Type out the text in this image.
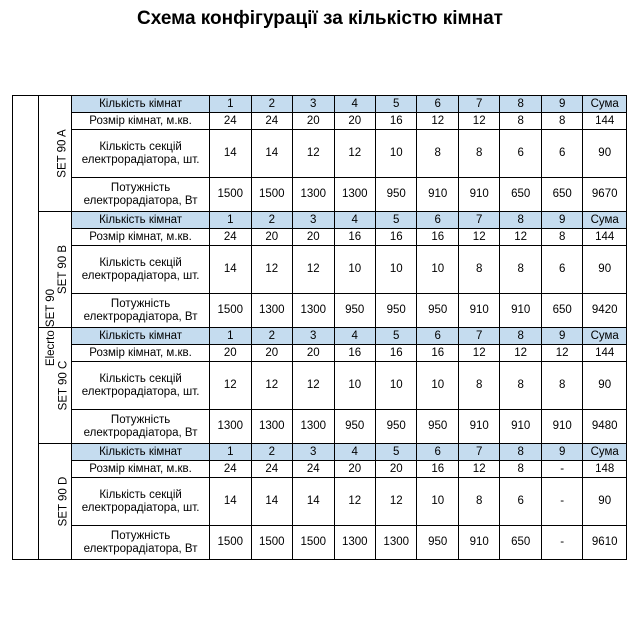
Схема конфігурації за кількістю кімнат
Elecrto SET 90	SET 90 A	Кількість кімнат	1	2	3	4	5	6	7	8	9	Сума
		Розмір кімнат, м.кв.	24	24	20	20	16	12	12	8	8	144
		Кількість секцій електрорадіатора, шт.	14	14	12	12	10	8	8	6	6	90
		Потужність електрорадіатора, Вт	1500	1500	1300	1300	950	910	910	650	650	9670
	SET 90 B	Кількість кімнат	1	2	3	4	5	6	7	8	9	Сума
		Розмір кімнат, м.кв.	24	20	20	16	16	16	12	12	8	144
		Кількість секцій електрорадіатора, шт.	14	12	12	10	10	10	8	8	6	90
		Потужність електрорадіатора, Вт	1500	1300	1300	950	950	950	910	910	650	9420
	SET 90 C	Кількість кімнат	1	2	3	4	5	6	7	8	9	Сума
		Розмір кімнат, м.кв.	20	20	20	16	16	16	12	12	12	144
		Кількість секцій електрорадіатора, шт.	12	12	12	10	10	10	8	8	8	90
		Потужність електрорадіатора, Вт	1300	1300	1300	950	950	950	910	910	910	9480
	SET 90 D	Кількість кімнат	1	2	3	4	5	6	7	8	9	Сума
		Розмір кімнат, м.кв.	24	24	24	20	20	16	12	8	-	148
		Кількість секцій електрорадіатора, шт.	14	14	14	12	12	10	8	6	-	90
		Потужність електрорадіатора, Вт	1500	1500	1500	1300	1300	950	910	650	-	9610
